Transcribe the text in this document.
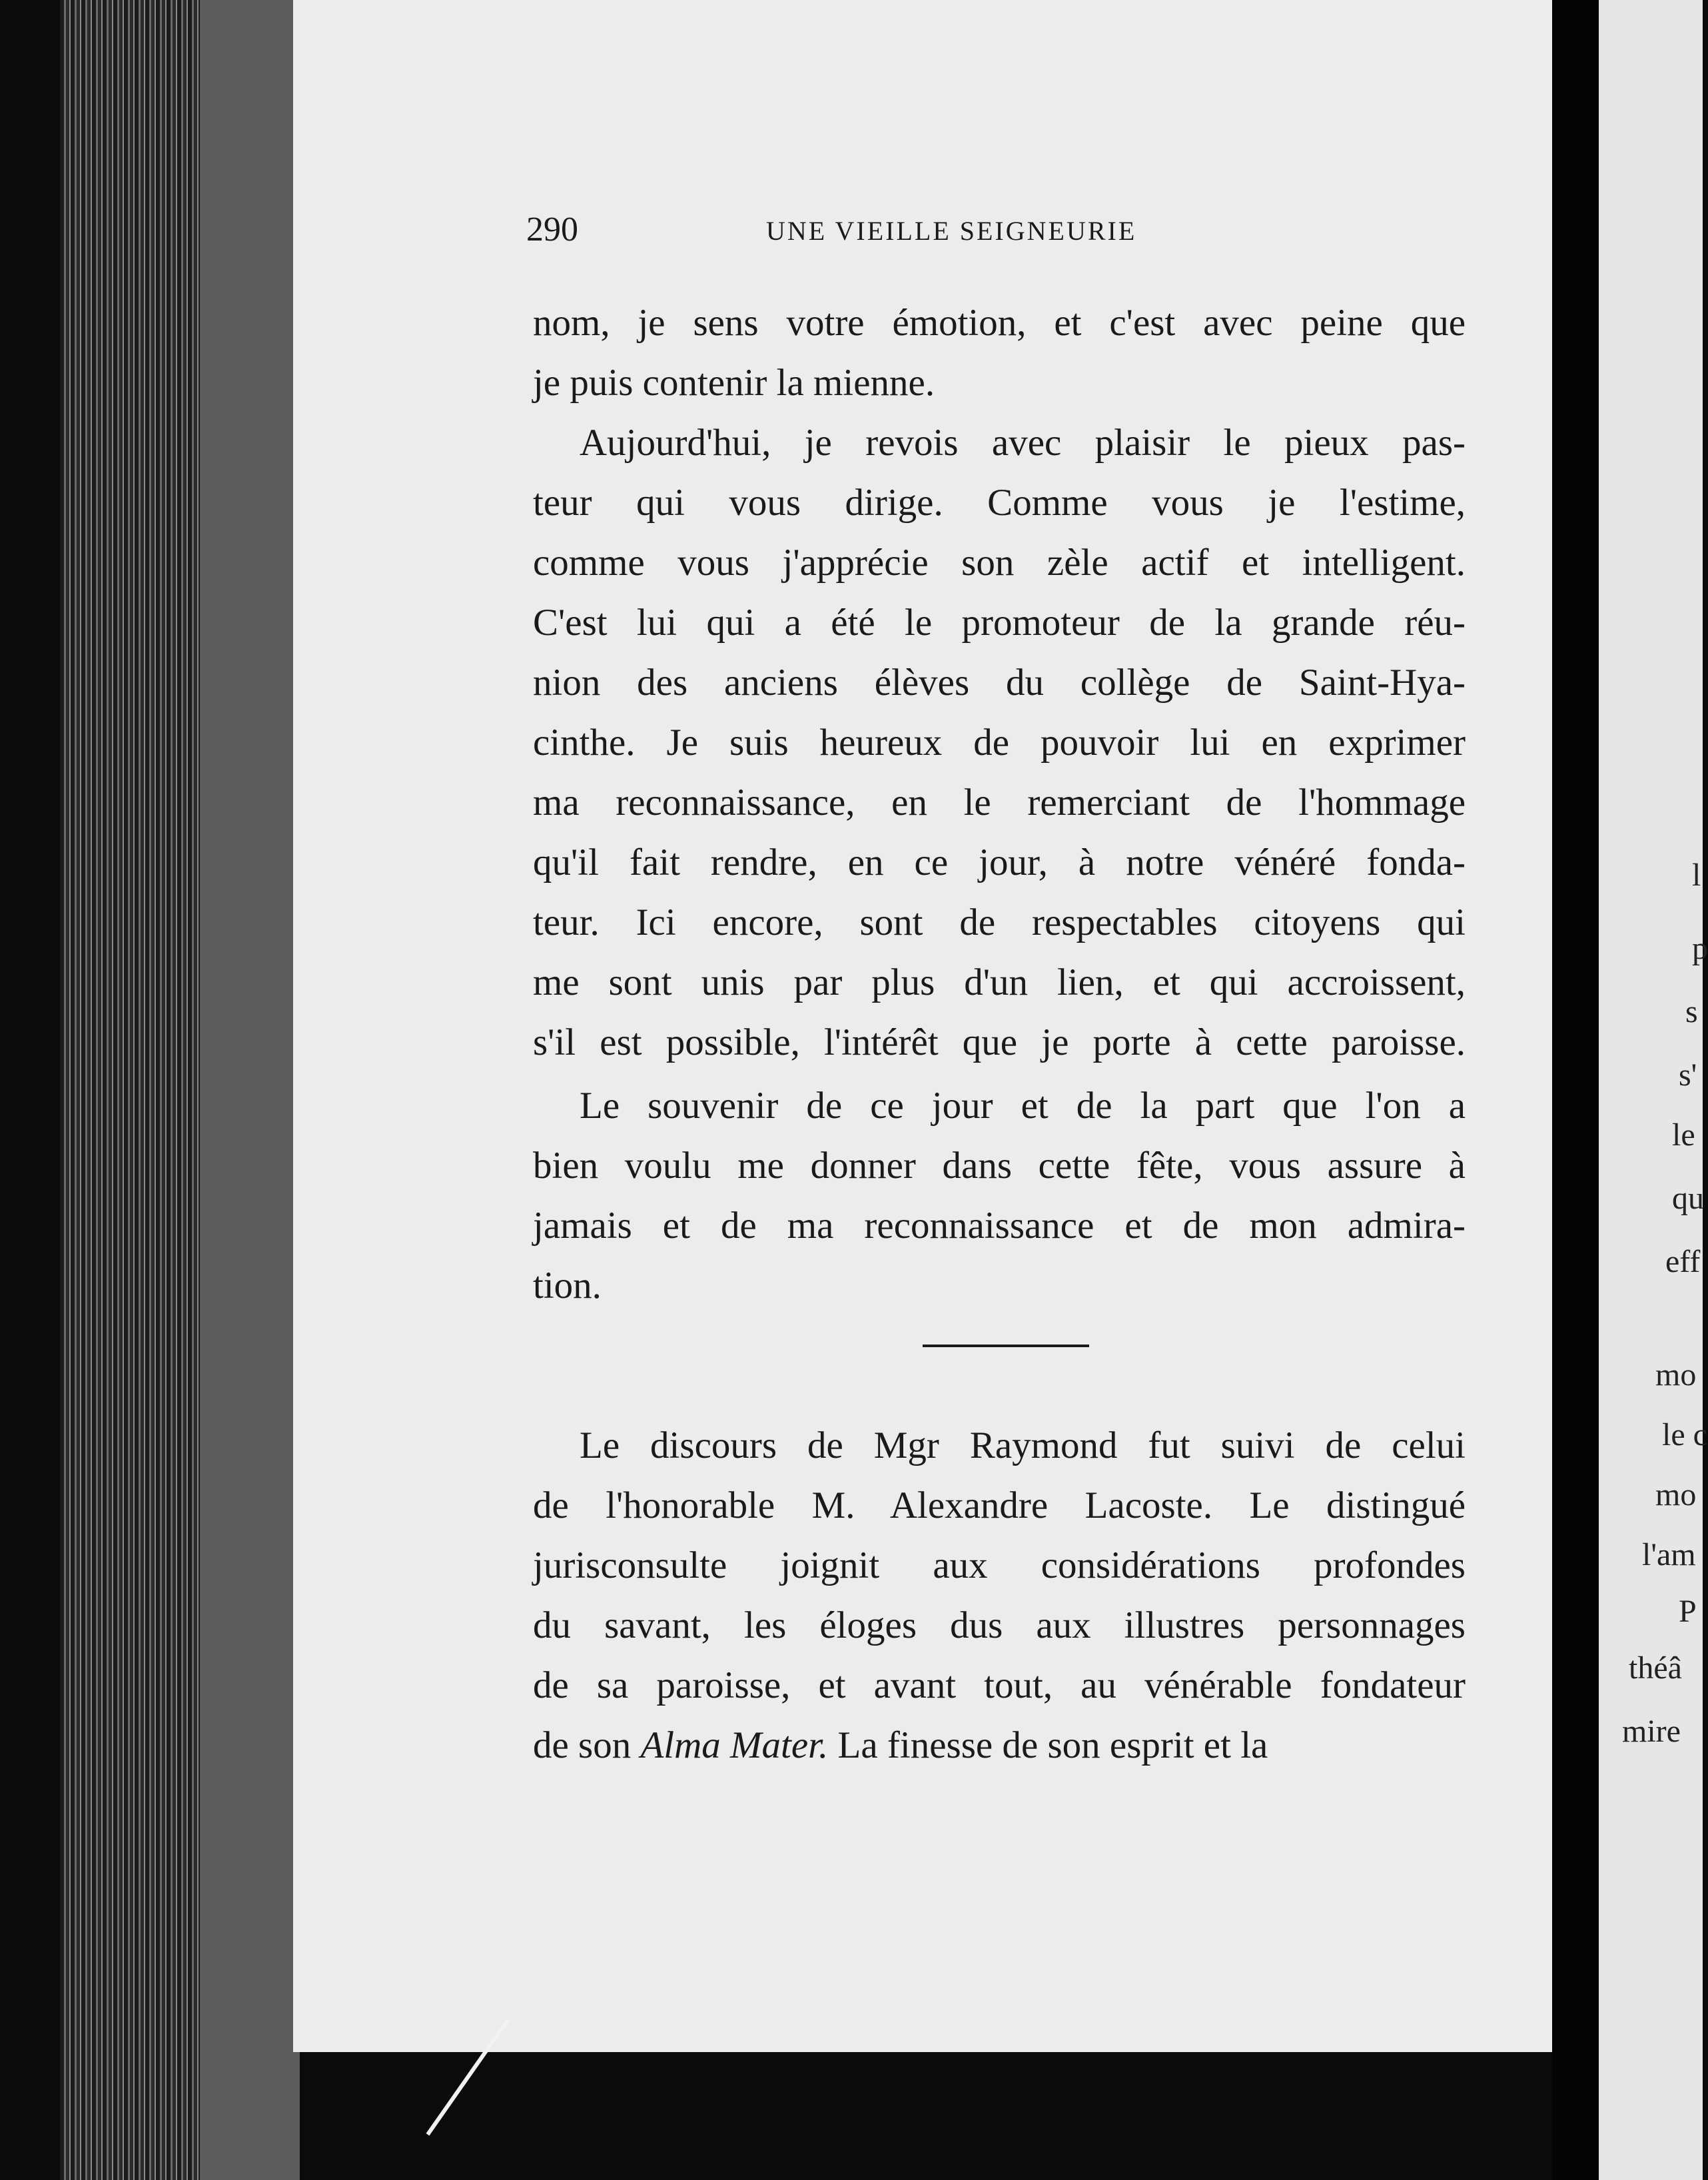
l
p
s
s'
le
qu
eff
mo
le c
mo
l'am
P
théâ
mire
290	UNE VIEILLE SEIGNEURIE
nom, je sens votre émotion, et c'est avec peine que
je puis contenir la mienne.
Aujourd'hui, je revois avec plaisir le pieux pas-
teur qui vous dirige. Comme vous je l'estime,
comme vous j'apprécie son zèle actif et intelligent.
C'est lui qui a été le promoteur de la grande réu-
nion des anciens élèves du collège de Saint-Hya-
cinthe. Je suis heureux de pouvoir lui en exprimer
ma reconnaissance, en le remerciant de l'hommage
qu'il fait rendre, en ce jour, à notre vénéré fonda-
teur. Ici encore, sont de respectables citoyens qui
me sont unis par plus d'un lien, et qui accroissent,
s'il est possible, l'intérêt que je porte à cette paroisse.
Le souvenir de ce jour et de la part que l'on a
bien voulu me donner dans cette fête, vous assure à
jamais et de ma reconnaissance et de mon admira-
tion.
Le discours de Mgr Raymond fut suivi de celui
de l'honorable M. Alexandre Lacoste. Le distingué
jurisconsulte joignit aux considérations profondes
du savant, les éloges dus aux illustres personnages
de sa paroisse, et avant tout, au vénérable fondateur
de son Alma Mater. La finesse de son esprit et la
